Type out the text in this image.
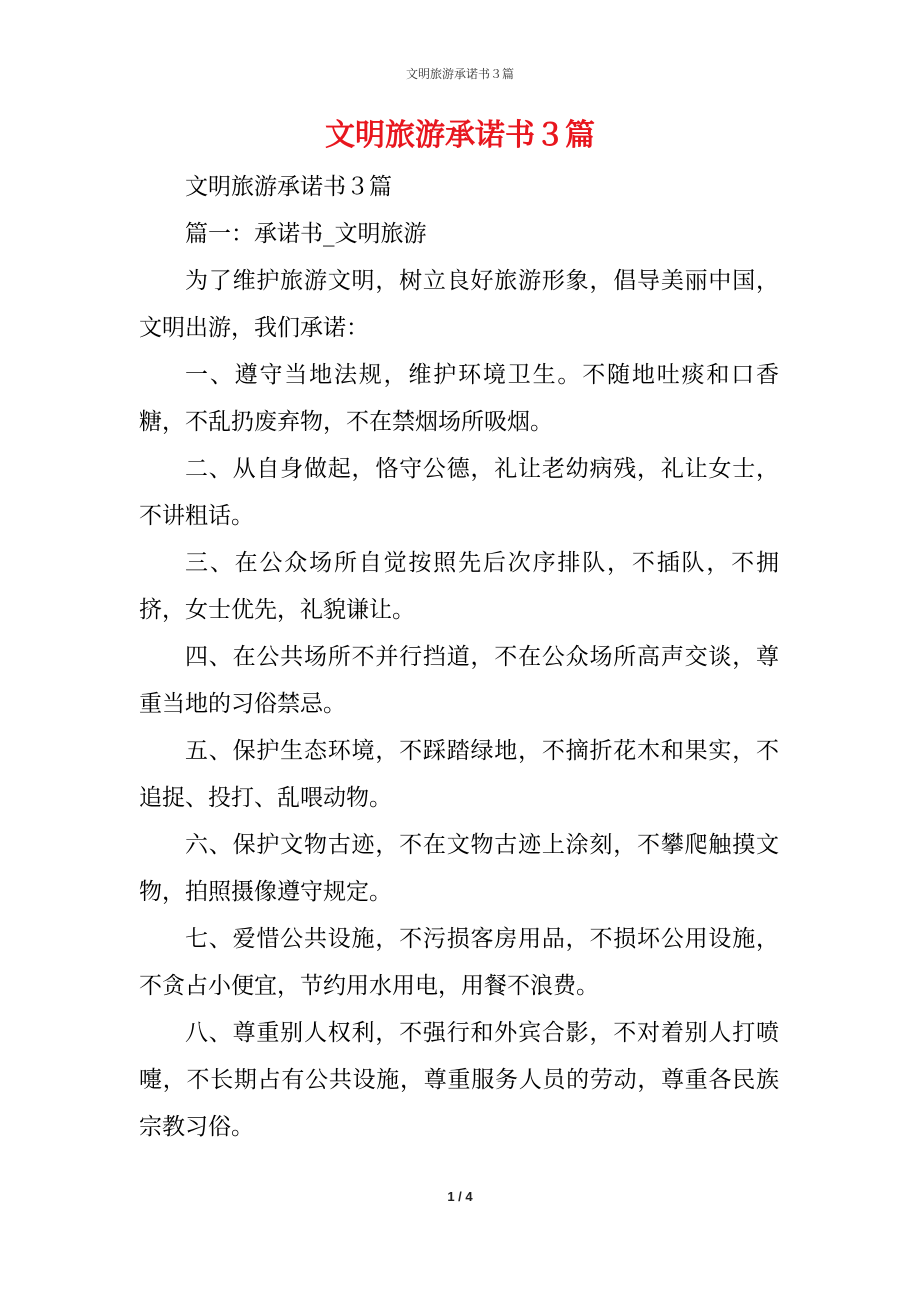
文明旅游承诺书３篇
文明旅游承诺书３篇

文明旅游承诺书３篇

篇一：承诺书_文明旅游

为了维护旅游文明，树立良好旅游形象，倡导美丽中国，文明出游，我们承诺：

一、遵守当地法规，维护环境卫生。不随地吐痰和口香糖，不乱扔废弃物，不在禁烟场所吸烟。

二、从自身做起，恪守公德，礼让老幼病残，礼让女士，不讲粗话。

三、在公众场所自觉按照先后次序排队，不插队，不拥挤，女士优先，礼貌谦让。

四、在公共场所不并行挡道，不在公众场所高声交谈，尊重当地的习俗禁忌。

五、保护生态环境，不踩踏绿地，不摘折花木和果实，不追捉、投打、乱喂动物。

六、保护文物古迹，不在文物古迹上涂刻，不攀爬触摸文物，拍照摄像遵守规定。

七、爱惜公共设施，不污损客房用品，不损坏公用设施，不贪占小便宜，节约用水用电，用餐不浪费。

八、尊重别人权利，不强行和外宾合影，不对着别人打喷嚏，不长期占有公共设施，尊重服务人员的劳动，尊重各民族宗教习俗。

1 / 4
